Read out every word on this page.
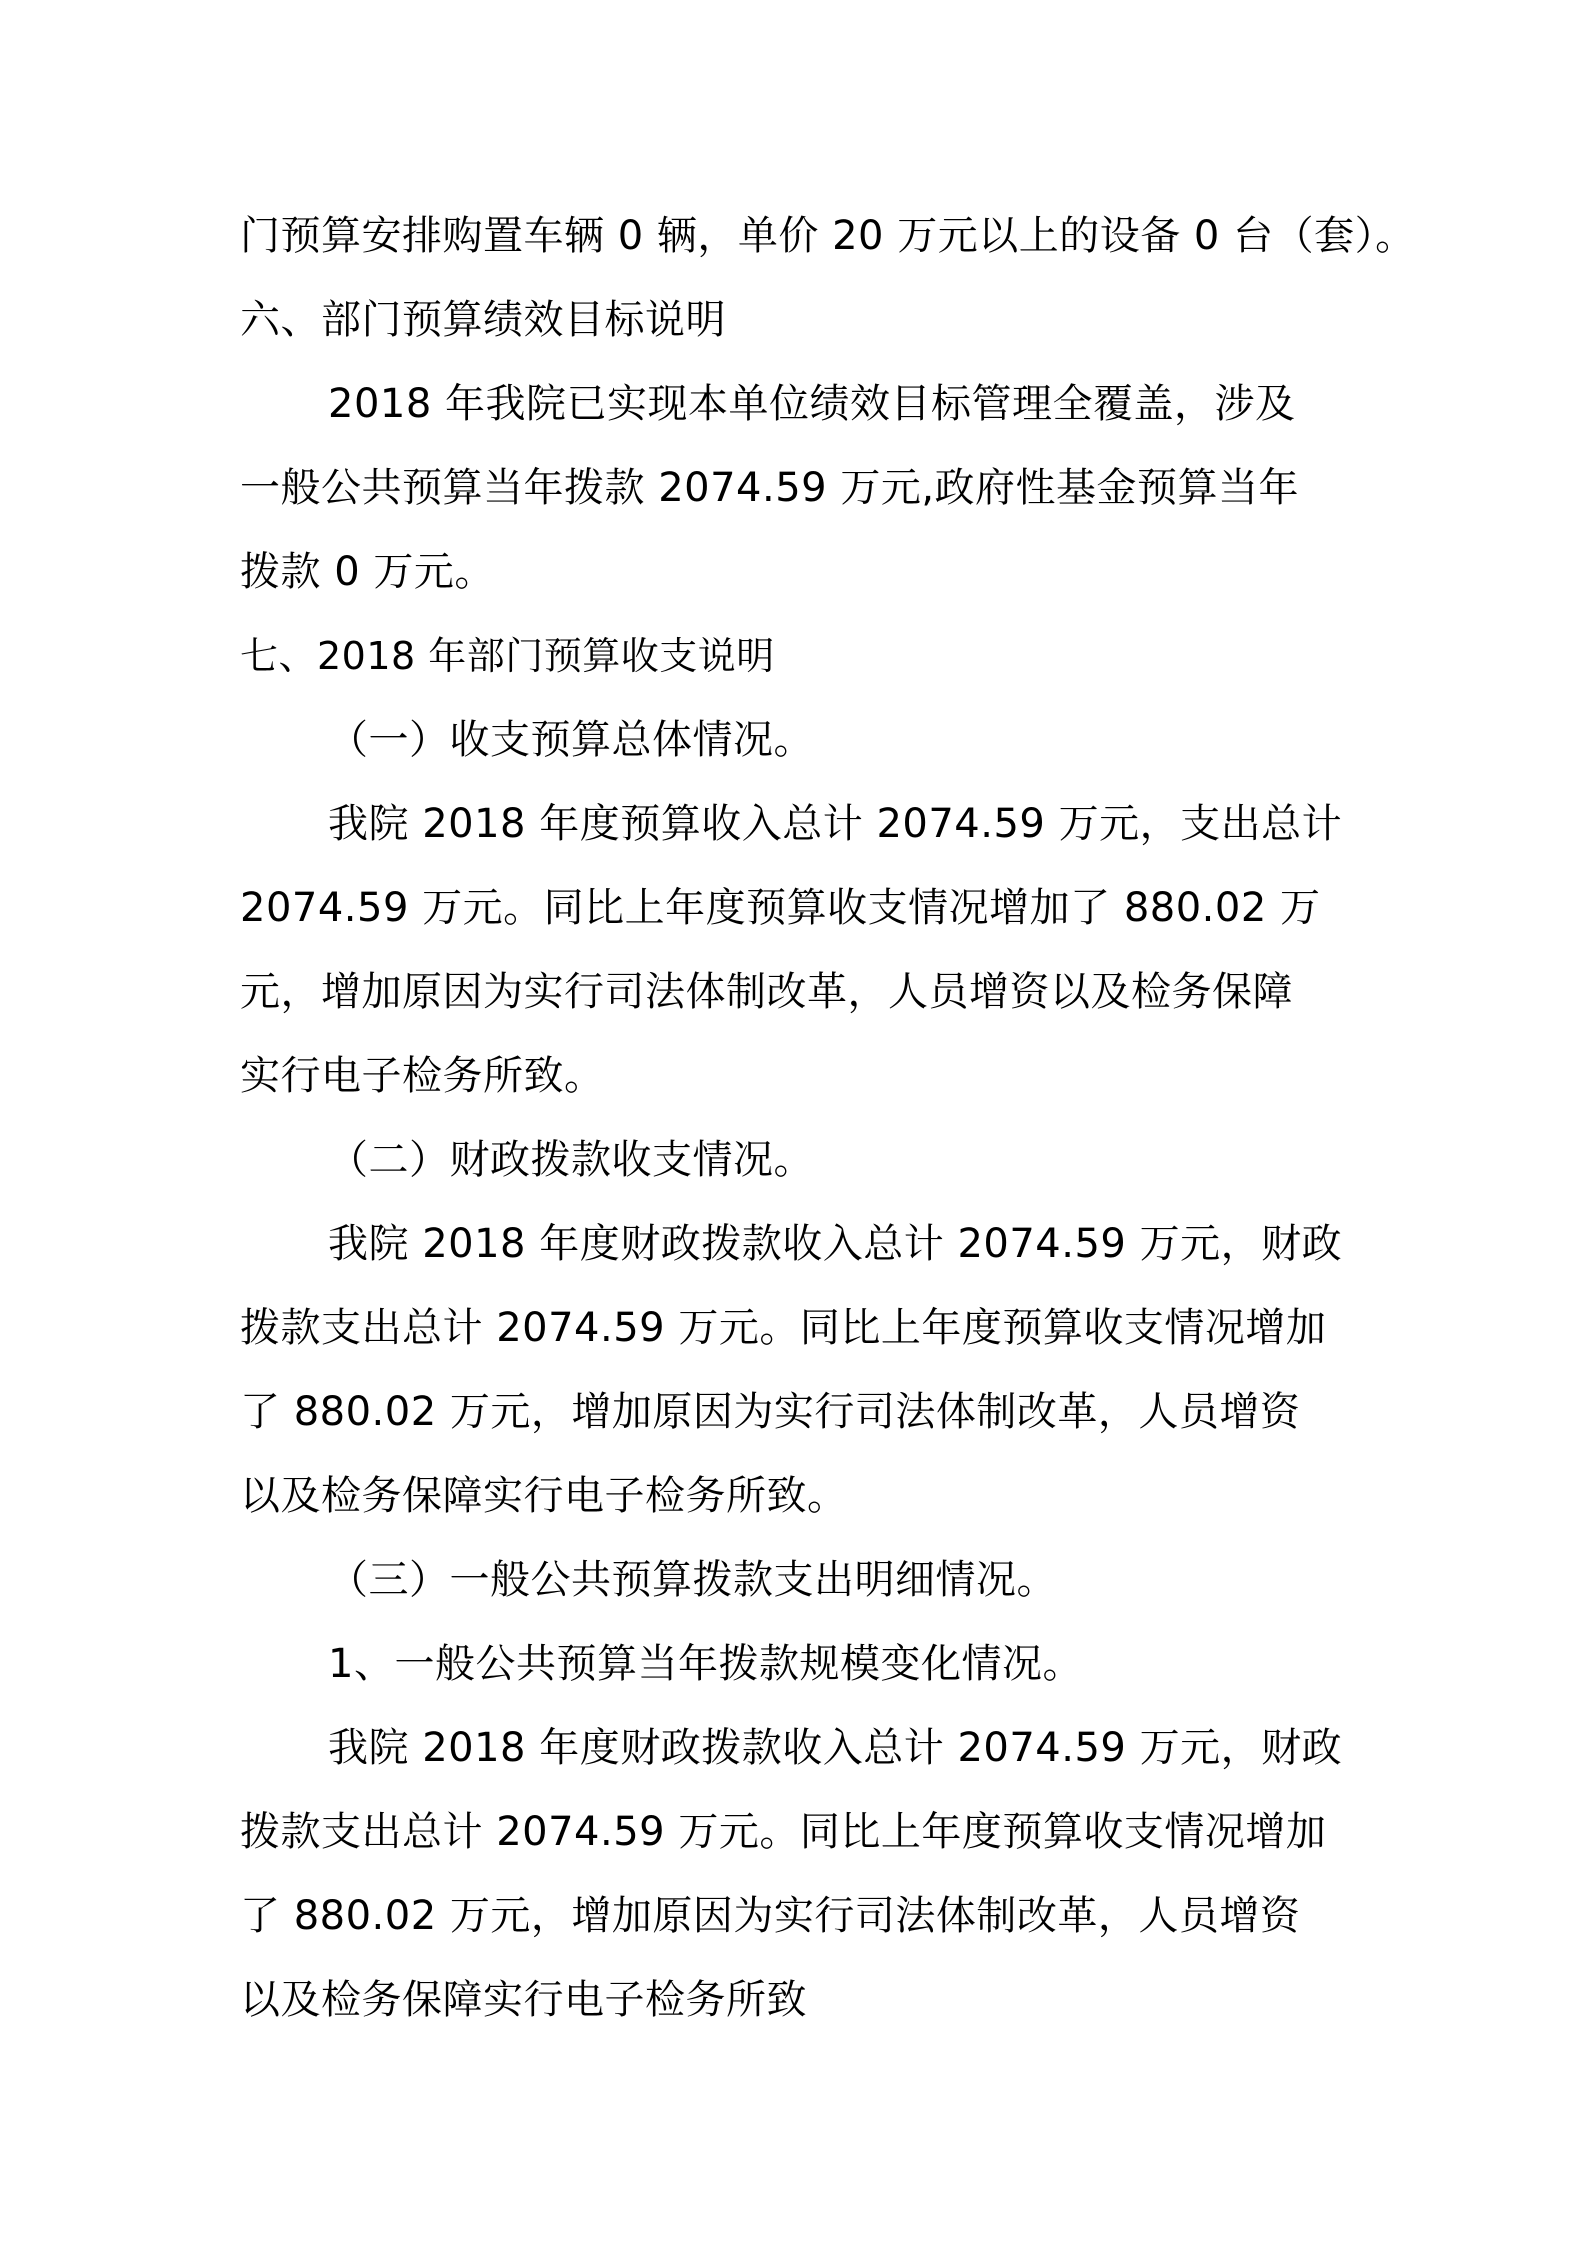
门预算安排购置车辆 0 辆，单价 20 万元以上的设备 0 台（套）。
六、部门预算绩效目标说明
2018 年我院已实现本单位绩效目标管理全覆盖，涉及
一般公共预算当年拨款 2074.59 万元,政府性基金预算当年
拨款 0 万元。
七、2018 年部门预算收支说明
（一）收支预算总体情况。
我院 2018 年度预算收入总计 2074.59 万元，支出总计
2074.59 万元。同比上年度预算收支情况增加了 880.02 万
元，增加原因为实行司法体制改革，人员增资以及检务保障
实行电子检务所致。
（二）财政拨款收支情况。
我院 2018 年度财政拨款收入总计 2074.59 万元，财政
拨款支出总计 2074.59 万元。同比上年度预算收支情况增加
了 880.02 万元，增加原因为实行司法体制改革，人员增资
以及检务保障实行电子检务所致。
（三）一般公共预算拨款支出明细情况。
1、一般公共预算当年拨款规模变化情况。
我院 2018 年度财政拨款收入总计 2074.59 万元，财政
拨款支出总计 2074.59 万元。同比上年度预算收支情况增加
了 880.02 万元，增加原因为实行司法体制改革，人员增资
以及检务保障实行电子检务所致
